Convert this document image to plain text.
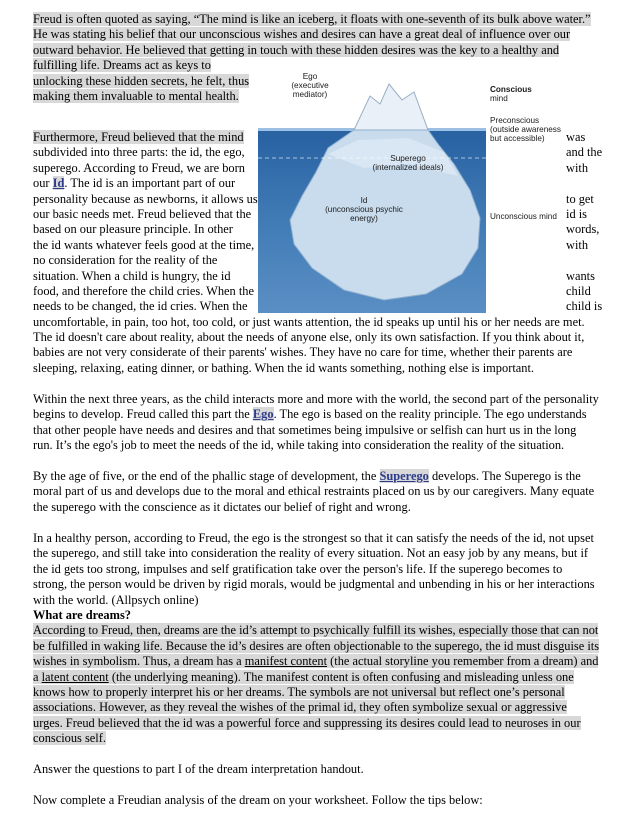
Freud is often quoted as saying, “The mind is like an iceberg, it floats with one-seventh of its bulk above water.”

He was stating his belief that our unconscious wishes and desires can have a great deal of influence over our

outward behavior. He believed that getting in touch with these hidden desires was the key to a healthy and

fulfilling life. Dreams act as keys to

unlocking these hidden secrets, he felt, thus

making them invaluable to mental health.

Ego
(executive
mediator)
Conscious
mind
Preconscious
(outside awareness
but accessible)
Superego
(internalized ideals)
Id
(unconscious psychic
energy)	Unconscious mind

Furthermore, Freud believed that the mind

subdivided into three parts: the id, the ego,

superego. According to Freud, we are born

our Id. The id is an important part of our

personality because as newborns, it allows us

our basic needs met. Freud believed that the

based on our pleasure principle. In other

the id wants whatever feels good at the time,

no consideration for the reality of the

situation. When a child is hungry, the id

food, and therefore the child cries. When the

needs to be changed, the id cries. When the

uncomfortable, in pain, too hot, too cold, or just wants attention, the id speaks up until his or her needs are met.

was
and the
with
to get
id is
words,
with
wants
child
child is

The id doesn't care about reality, about the needs of anyone else, only its own satisfaction. If you think about it,

babies are not very considerate of their parents' wishes. They have no care for time, whether their parents are

sleeping, relaxing, eating dinner, or bathing. When the id wants something, nothing else is important.

Within the next three years, as the child interacts more and more with the world, the second part of the personality

begins to develop. Freud called this part the Ego. The ego is based on the reality principle. The ego understands

that other people have needs and desires and that sometimes being impulsive or selfish can hurt us in the long

run. It’s the ego's job to meet the needs of the id, while taking into consideration the reality of the situation.

By the age of five, or the end of the phallic stage of development, the Superego develops. The Superego is the

moral part of us and develops due to the moral and ethical restraints placed on us by our caregivers. Many equate

the superego with the conscience as it dictates our belief of right and wrong.

In a healthy person, according to Freud, the ego is the strongest so that it can satisfy the needs of the id, not upset

the superego, and still take into consideration the reality of every situation. Not an easy job by any means, but if

the id gets too strong, impulses and self gratification take over the person's life. If the superego becomes to

strong, the person would be driven by rigid morals, would be judgmental and unbending in his or her interactions

with the world. (Allpsych online)

What are dreams?

According to Freud, then, dreams are the id’s attempt to psychically fulfill its wishes, especially those that can not

be fulfilled in waking life. Because the id’s desires are often objectionable to the superego, the id must disguise its

wishes in symbolism. Thus, a dream has a manifest content (the actual storyline you remember from a dream) and

a latent content (the underlying meaning). The manifest content is often confusing and misleading unless one

knows how to properly interpret his or her dreams. The symbols are not universal but reflect one’s personal

associations. However, as they reveal the wishes of the primal id, they often symbolize sexual or aggressive

urges. Freud believed that the id was a powerful force and suppressing its desires could lead to neuroses in our

conscious self.

Answer the questions to part I of the dream interpretation handout.

Now complete a Freudian analysis of the dream on your worksheet. Follow the tips below:
